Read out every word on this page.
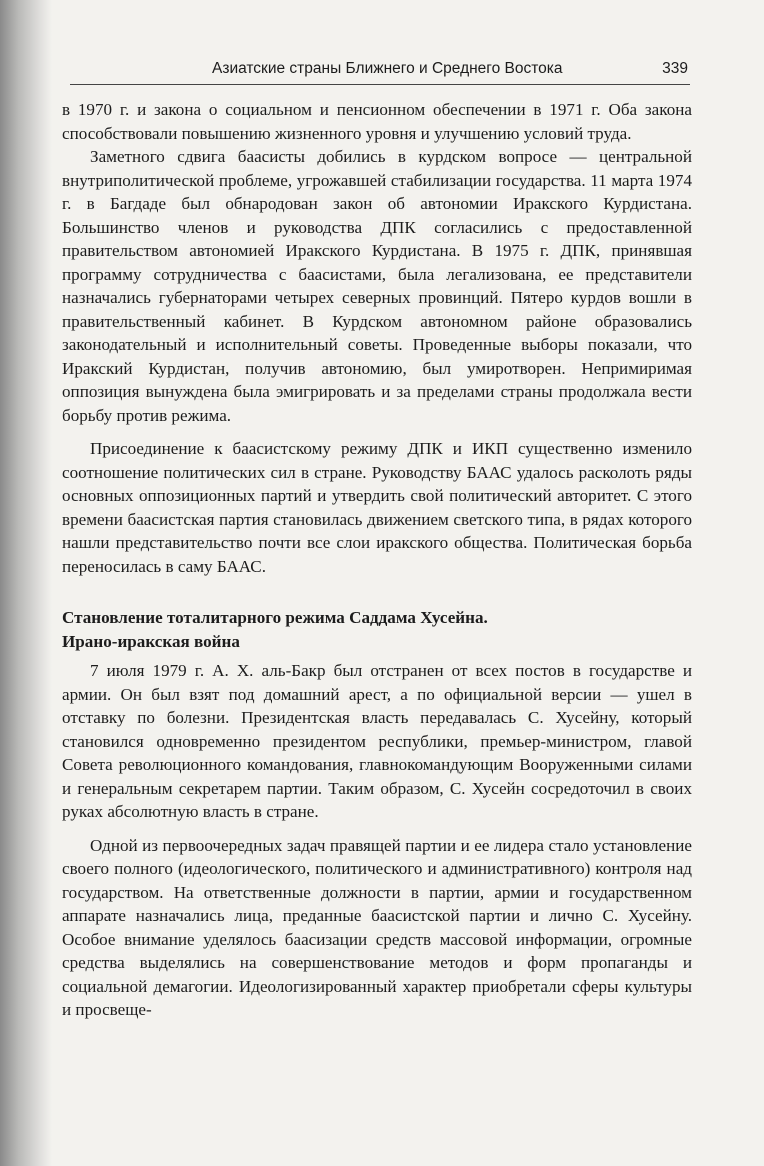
Азиатские страны Ближнего и Среднего Востока	339

в 1970 г. и закона о социальном и пенсионном обеспечении в 1971 г. Оба закона способствовали повышению жизненного уровня и улучшению условий труда.

Заметного сдвига баасисты добились в курдском вопросе — центральной внутриполитической проблеме, угрожавшей стабилизации государства. 11 марта 1974 г. в Багдаде был обнародован закон об автономии Иракского Курдистана. Большинство членов и руководства ДПК согласились с предоставленной правительством автономией Иракского Курдистана. В 1975 г. ДПК, принявшая программу сотрудничества с баасистами, была легализована, ее представители назначались губернаторами четырех северных провинций. Пятеро курдов вошли в правительственный кабинет. В Курдском автономном районе образовались законодательный и исполнительный советы. Проведенные выборы показали, что Иракский Курдистан, получив автономию, был умиротворен. Непримиримая оппозиция вынуждена была эмигрировать и за пределами страны продолжала вести борьбу против режима.

Присоединение к баасистскому режиму ДПК и ИКП существенно изменило соотношение политических сил в стране. Руководству БААС удалось расколоть ряды основных оппозиционных партий и утвердить свой политический авторитет. С этого времени баасистская партия становилась движением светского типа, в рядах которого нашли представительство почти все слои иракского общества. Политическая борьба переносилась в саму БААС.

Становление тоталитарного режима Саддама Хусейна.
Ирано-иракская война

7 июля 1979 г. А. Х. аль-Бакр был отстранен от всех постов в государстве и армии. Он был взят под домашний арест, а по официальной версии — ушел в отставку по болезни. Президентская власть передавалась С. Хусейну, который становился одновременно президентом республики, премьер-министром, главой Совета революционного командования, главнокомандующим Вооруженными силами и генеральным секретарем партии. Таким образом, С. Хусейн сосредоточил в своих руках абсолютную власть в стране.

Одной из первоочередных задач правящей партии и ее лидера стало установление своего полного (идеологического, политического и административного) контроля над государством. На ответственные должности в партии, армии и государственном аппарате назначались лица, преданные баасистской партии и лично С. Хусейну. Особое внимание уделялось баасизации средств массовой информации, огромные средства выделялись на совершенствование методов и форм пропаганды и социальной демагогии. Идеологизированный характер приобретали сферы культуры и просвеще-
